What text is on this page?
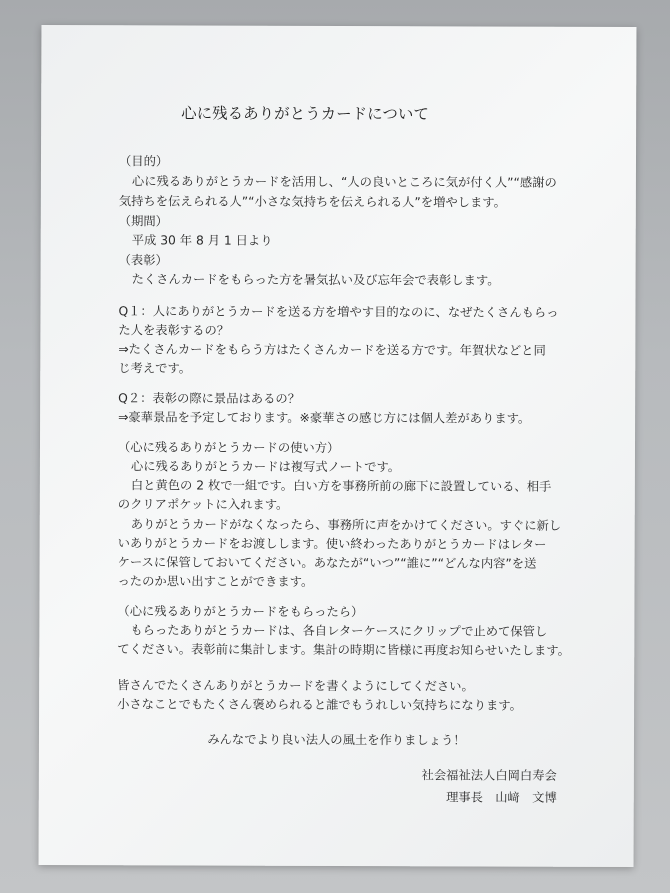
心に残るありがとうカードについて
（目的）
心に残るありがとうカードを活用し、“人の良いところに気が付く人”“感謝の
気持ちを伝えられる人”“小さな気持ちを伝えられる人”を増やします。
（期間）
平成 30 年 8 月 1 日より
（表彰）
たくさんカードをもらった方を暑気払い及び忘年会で表彰します。
Q１：人にありがとうカードを送る方を増やす目的なのに、なぜたくさんもらっ
た人を表彰するの？
⇒たくさんカードをもらう方はたくさんカードを送る方です。年賀状などと同
じ考えです。
Q２：表彰の際に景品はあるの？
⇒豪華景品を予定しております。※豪華さの感じ方には個人差があります。
（心に残るありがとうカードの使い方）
心に残るありがとうカードは複写式ノートです。
白と黄色の 2 枚で一組です。白い方を事務所前の廊下に設置している、相手
のクリアポケットに入れます。
ありがとうカードがなくなったら、事務所に声をかけてください。すぐに新し
いありがとうカードをお渡しします。使い終わったありがとうカードはレター
ケースに保管しておいてください。あなたが“いつ”“誰に”“どんな内容”を送
ったのか思い出すことができます。
（心に残るありがとうカードをもらったら）
もらったありがとうカードは、各自レターケースにクリップで止めて保管し
てください。表彰前に集計します。集計の時期に皆様に再度お知らせいたします。
皆さんでたくさんありがとうカードを書くようにしてください。
小さなことでもたくさん褒められると誰でもうれしい気持ちになります。
みんなでより良い法人の風土を作りましょう！
社会福祉法人白岡白寿会
理事長　山﨑　文博
